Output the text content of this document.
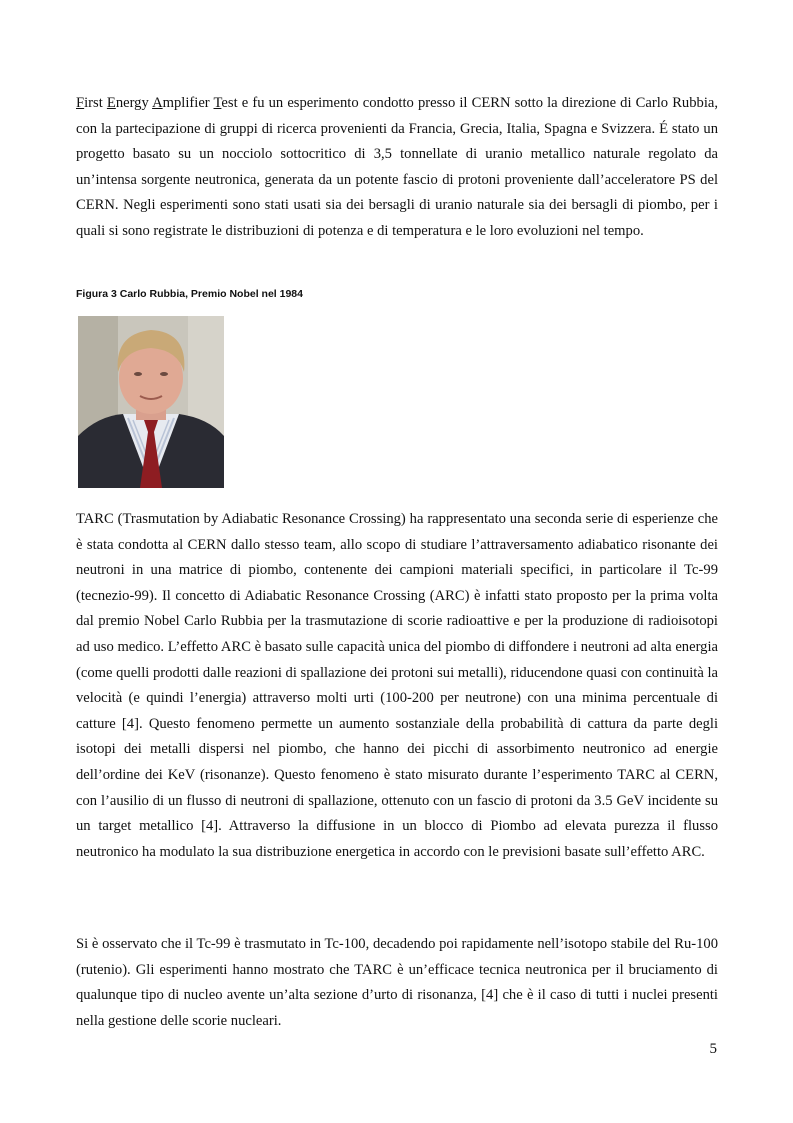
First Energy Amplifier Test e fu un esperimento condotto presso il CERN sotto la direzione di Carlo Rubbia, con la partecipazione di gruppi di ricerca provenienti da Francia, Grecia, Italia, Spagna e Svizzera. É stato un progetto basato su un nocciolo sottocritico di 3,5 tonnellate di uranio metallico naturale regolato da un’intensa sorgente neutronica, generata da un potente fascio di protoni proveniente dall’acceleratore PS del CERN. Negli esperimenti sono stati usati sia dei bersagli di uranio naturale sia dei bersagli di piombo, per i quali si sono registrate le distribuzioni di potenza e di temperatura e le loro evoluzioni nel tempo.

Figura 3 Carlo Rubbia, Premio Nobel nel 1984

TARC (Trasmutation by Adiabatic Resonance Crossing) ha rappresentato una seconda serie di esperienze che è stata condotta al CERN dallo stesso team, allo scopo di studiare l’attraversamento adiabatico risonante dei neutroni in una matrice di piombo, contenente dei campioni materiali specifici, in particolare il Tc-99 (tecnezio-99). Il concetto di Adiabatic Resonance Crossing (ARC) è infatti stato proposto per la prima volta dal premio Nobel Carlo Rubbia per la trasmutazione di scorie radioattive e per la produzione di radioisotopi ad uso medico. L’effetto ARC è basato sulle capacità unica del piombo di diffondere i neutroni ad alta energia (come quelli prodotti dalle reazioni di spallazione dei protoni sui metalli), riducendone quasi con continuità la velocità (e quindi l’energia) attraverso molti urti (100-200 per neutrone) con una minima percentuale di catture [4]. Questo fenomeno permette un aumento sostanziale della probabilità di cattura da parte degli isotopi dei metalli dispersi nel piombo, che hanno dei picchi di assorbimento neutronico ad energie dell’ordine dei KeV (risonanze). Questo fenomeno è stato misurato durante l’esperimento TARC al CERN, con l’ausilio di un flusso di neutroni di spallazione, ottenuto con un fascio di protoni da 3.5 GeV incidente su un target metallico [4]. Attraverso la diffusione in un blocco di Piombo ad elevata purezza il flusso neutronico ha modulato la sua distribuzione energetica in accordo con le previsioni basate sull’effetto ARC.

Si è osservato che il Tc-99 è trasmutato in Tc-100, decadendo poi rapidamente nell’isotopo stabile del Ru-100 (rutenio). Gli esperimenti hanno mostrato che TARC è un’efficace tecnica neutronica per il bruciamento di qualunque tipo di nucleo avente un’alta sezione d’urto di risonanza, [4] che è il caso di tutti i nuclei presenti nella gestione delle scorie nucleari.

5
